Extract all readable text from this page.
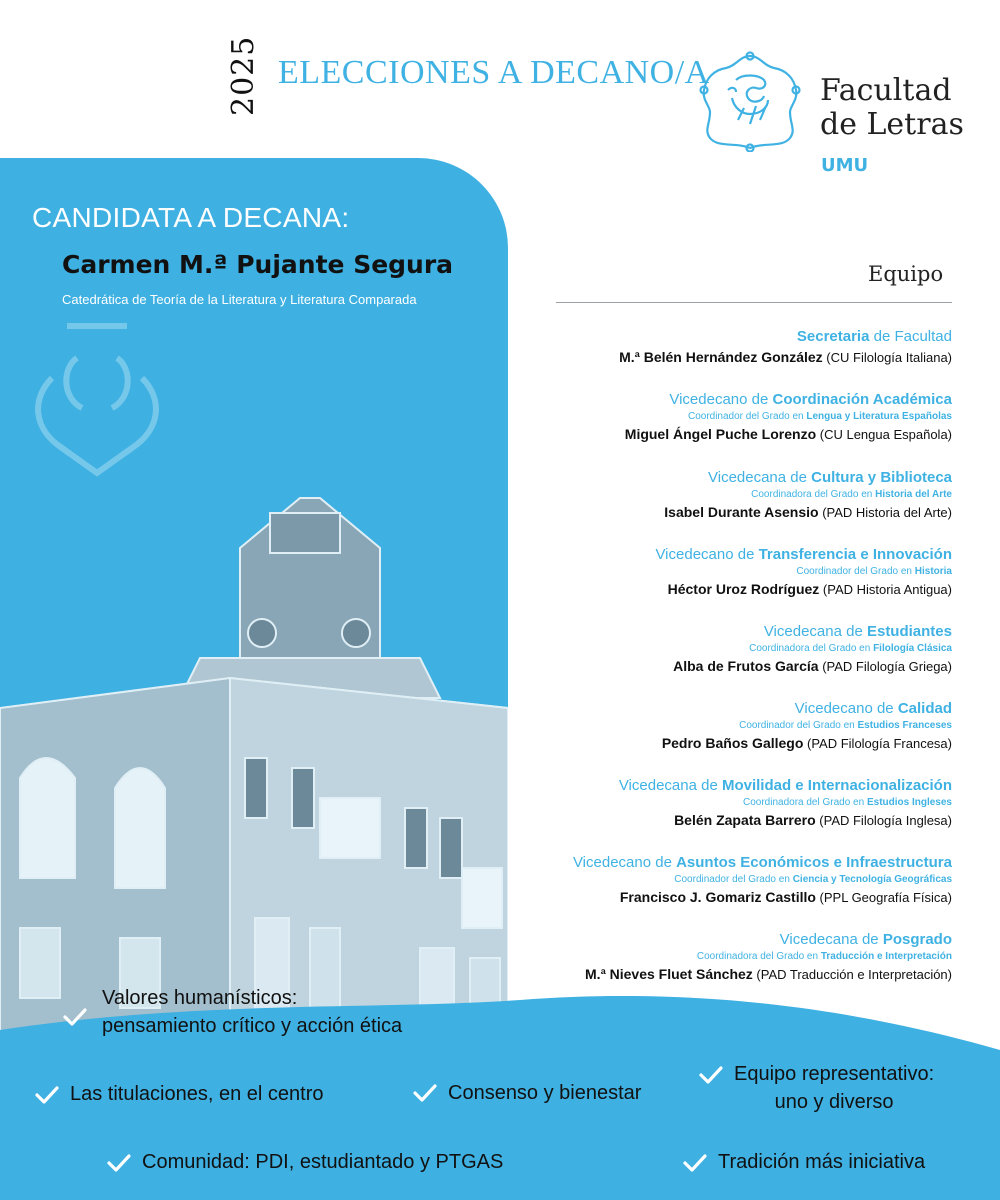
2025 ELECCIONES A DECANO/A	Facultad
de Letras
UMU
CANDIDATA A DECANA:
Carmen M.ª Pujante Segura
Catedrática de Teoría de la Literatura y Literatura Comparada
Equipo
Secretaria de Facultad
M.ª Belén Hernández González (CU Filología Italiana)
Vicedecano de Coordinación Académica
Coordinador del Grado en Lengua y Literatura Españolas
Miguel Ángel Puche Lorenzo (CU Lengua Española)
Vicedecana de Cultura y Biblioteca
Coordinadora del Grado en Historia del Arte
Isabel Durante Asensio (PAD Historia del Arte)
Vicedecano de Transferencia e Innovación
Coordinador del Grado en Historia
Héctor Uroz Rodríguez (PAD Historia Antigua)
Vicedecana de Estudiantes
Coordinadora del Grado en Filología Clásica
Alba de Frutos García (PAD Filología Griega)
Vicedecano de Calidad
Coordinador del Grado en Estudios Franceses
Pedro Baños Gallego (PAD Filología Francesa)
Vicedecana de Movilidad e Internacionalización
Coordinadora del Grado en Estudios Ingleses
Belén Zapata Barrero (PAD Filología Inglesa)
Vicedecano de Asuntos Económicos e Infraestructura
Coordinador del Grado en Ciencia y Tecnología Geográficas
Francisco J. Gomariz Castillo (PPL Geografía Física)
Vicedecana de Posgrado
Coordinadora del Grado en Traducción e Interpretación
M.ª Nieves Fluet Sánchez (PAD Traducción e Interpretación)
Valores humanísticos:
pensamiento crítico y acción ética
Las titulaciones, en el centro	Consenso y bienestar
Equipo representativo:
uno y diverso
Comunidad: PDI, estudiantado y PTGAS	Tradición más iniciativa
